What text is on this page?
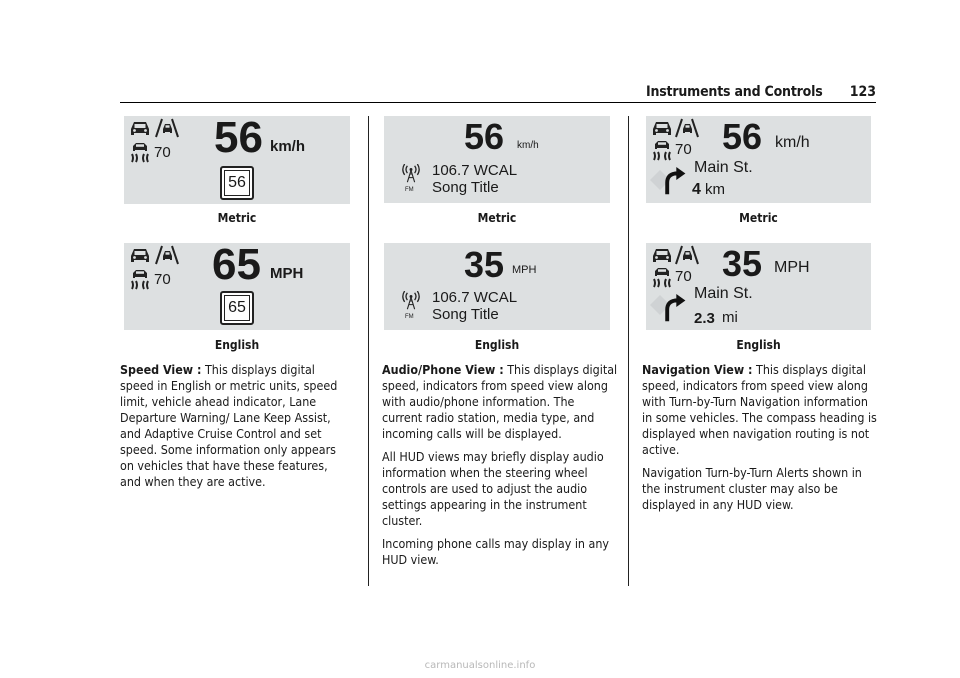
Instruments and Controls 123
70 56 km/h
56
Metric
70 65 MPH
65
English

Speed View : This displays digital speed in English or metric units, speed limit, vehicle ahead indicator, Lane Departure Warning/ Lane Keep Assist, and Adaptive Cruise Control and set speed. Some information only appears on vehicles that have these features, and when they are active.

56 km/h
FM
106.7 WCAL
Song Title
Metric
35 MPH
FM
106.7 WCAL
Song Title
English

Audio/Phone View : This displays digital speed, indicators from speed view along with audio/phone information. The current radio station, media type, and incoming calls will be displayed.

All HUD views may briefly display audio information when the steering wheel controls are used to adjust the audio settings appearing in the instrument cluster.

Incoming phone calls may display in any HUD view.

70 56 km/h
Main St.
4 km
Metric
70 35 MPH
Main St.
2.3 mi
English

Navigation View : This displays digital speed, indicators from speed view along with Turn-by-Turn Navigation information in some vehicles. The compass heading is displayed when navigation routing is not active.

Navigation Turn-by-Turn Alerts shown in the instrument cluster may also be displayed in any HUD view.

carmanualsonline.info
